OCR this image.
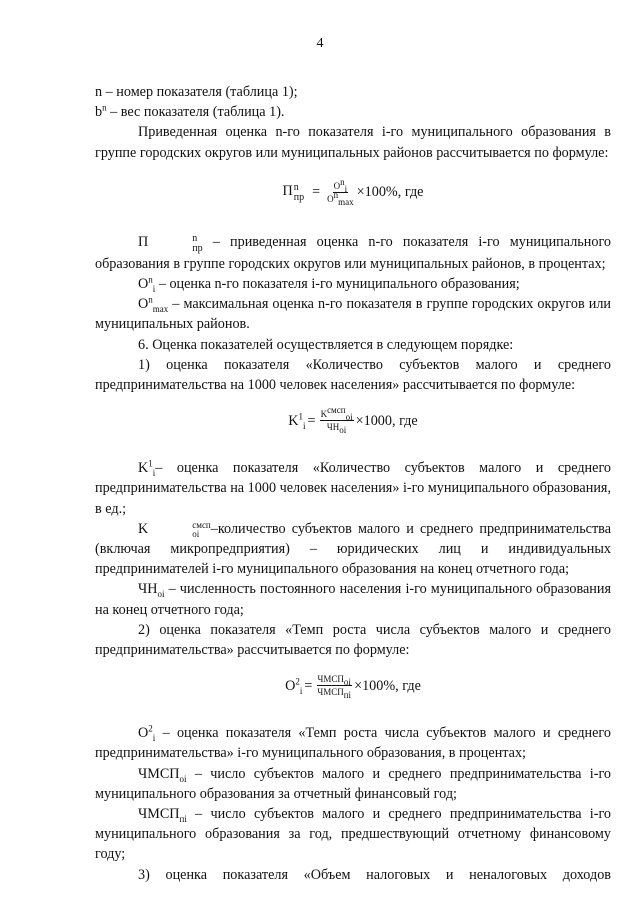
4

n – номер показателя (таблица 1);

$b^n$ – вес показателя (таблица 1).

Приведенная оценка n-го показателя i-го муниципального образования в группе городских округов или муниципальных районов рассчитывается по формуле:

П n
пр = $\frac{O^n_i}{O^n_{max}} \times 100\%$, где

П	n
пр – приведенная оценка n-го показателя i-го муниципального образования в группе городских округов или муниципальных районов, в процентах;

$O^n_i$ – оценка n-го показателя i-го муниципального образования;

$O^n_{max}$ – максимальная оценка n-го показателя в группе городских округов или муниципальных районов.

6. Оценка показателей осуществляется в следующем порядке:

1) оценка показателя «Количество субъектов малого и среднего предпринимательства на 1000 человек населения» рассчитывается по формуле:

$K^1_i = \frac{K^{смсп}_{oi}}{ЧН_{oi}} \times 1000$, где

$K^1_i-$ оценка показателя «Количество субъектов малого и среднего предпринимательства на 1000 человек населения» i-го муниципального образования, в ед.;

K	смсп
oi –количество субъектов малого и среднего предпринимательства (включая микропредприятия) – юридических лиц и индивидуальных предпринимателей i-го муниципального образования на конец отчетного года;

$ЧН_{oi}$ – численность постоянного населения i-го муниципального образования на конец отчетного года;

2) оценка показателя «Темп роста числа субъектов малого и среднего предпринимательства» рассчитывается по формуле:

$O^2_i = \frac{ЧМСП_{oi}}{ЧМСП_{пi}} \times 100\%$, где

$O^2_i$ – оценка показателя «Темп роста числа субъектов малого и среднего предпринимательства» i-го муниципального образования, в процентах;

$ЧМСП_{oi}$ – число субъектов малого и среднего предпринимательства i-го муниципального образования за отчетный финансовый год;

$ЧМСП_{пi}$ – число субъектов малого и среднего предпринимательства i-го муниципального образования за год, предшествующий отчетному финансовому году;

3) оценка показателя «Объем налоговых и неналоговых доходов
